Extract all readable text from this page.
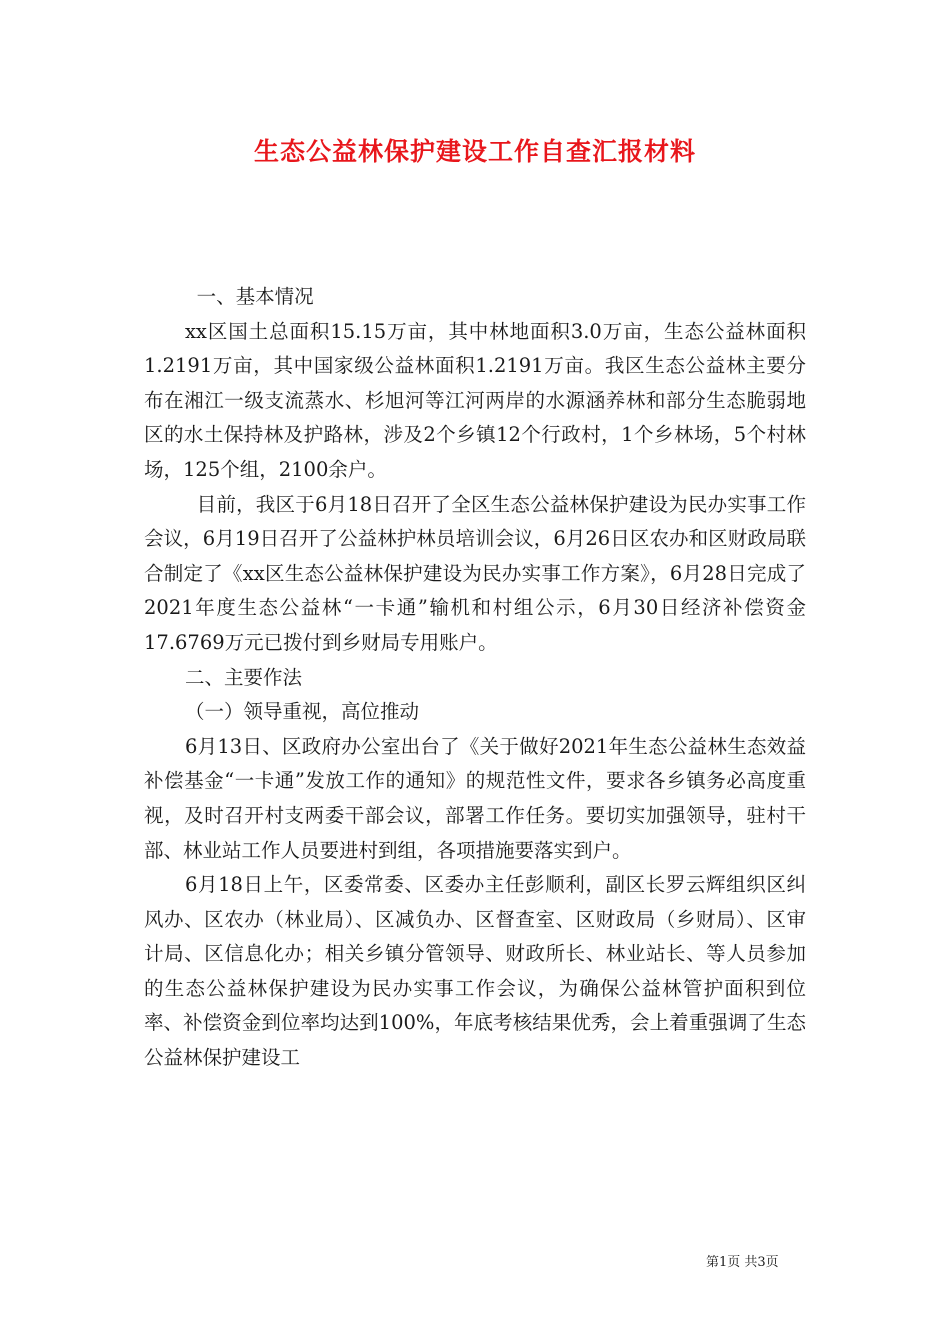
生态公益林保护建设工作自查汇报材料

一、基本情况

xx区国土总面积15.15万亩，其中林地面积3.0万亩，生态公益林面积1.2191万亩，其中国家级公益林面积1.2191万亩。我区生态公益林主要分布在湘江一级支流蒸水、杉旭河等江河两岸的水源涵养林和部分生态脆弱地区的水土保持林及护路林，涉及2个乡镇12个行政村，1个乡林场，5个村林场，125个组，2100余户。

目前，我区于6月18日召开了全区生态公益林保护建设为民办实事工作会议，6月19日召开了公益林护林员培训会议，6月26日区农办和区财政局联合制定了《xx区生态公益林保护建设为民办实事工作方案》，6月28日完成了2021年度生态公益林“一卡通”输机和村组公示，6月30日经济补偿资金17.6769万元已拨付到乡财局专用账户。

二、主要作法

（一）领导重视，高位推动

6月13日、区政府办公室出台了《关于做好2021年生态公益林生态效益补偿基金“一卡通”发放工作的通知》的规范性文件，要求各乡镇务必高度重视，及时召开村支两委干部会议，部署工作任务。要切实加强领导，驻村干部、林业站工作人员要进村到组，各项措施要落实到户。

6月18日上午，区委常委、区委办主任彭顺利，副区长罗云辉组织区纠风办、区农办（林业局）、区减负办、区督查室、区财政局（乡财局）、区审计局、区信息化办；相关乡镇分管领导、财政所长、林业站长、等人员参加的生态公益林保护建设为民办实事工作会议，为确保公益林管护面积到位率、补偿资金到位率均达到100%，年底考核结果优秀，会上着重强调了生态公益林保护建设工

第1页 共3页
